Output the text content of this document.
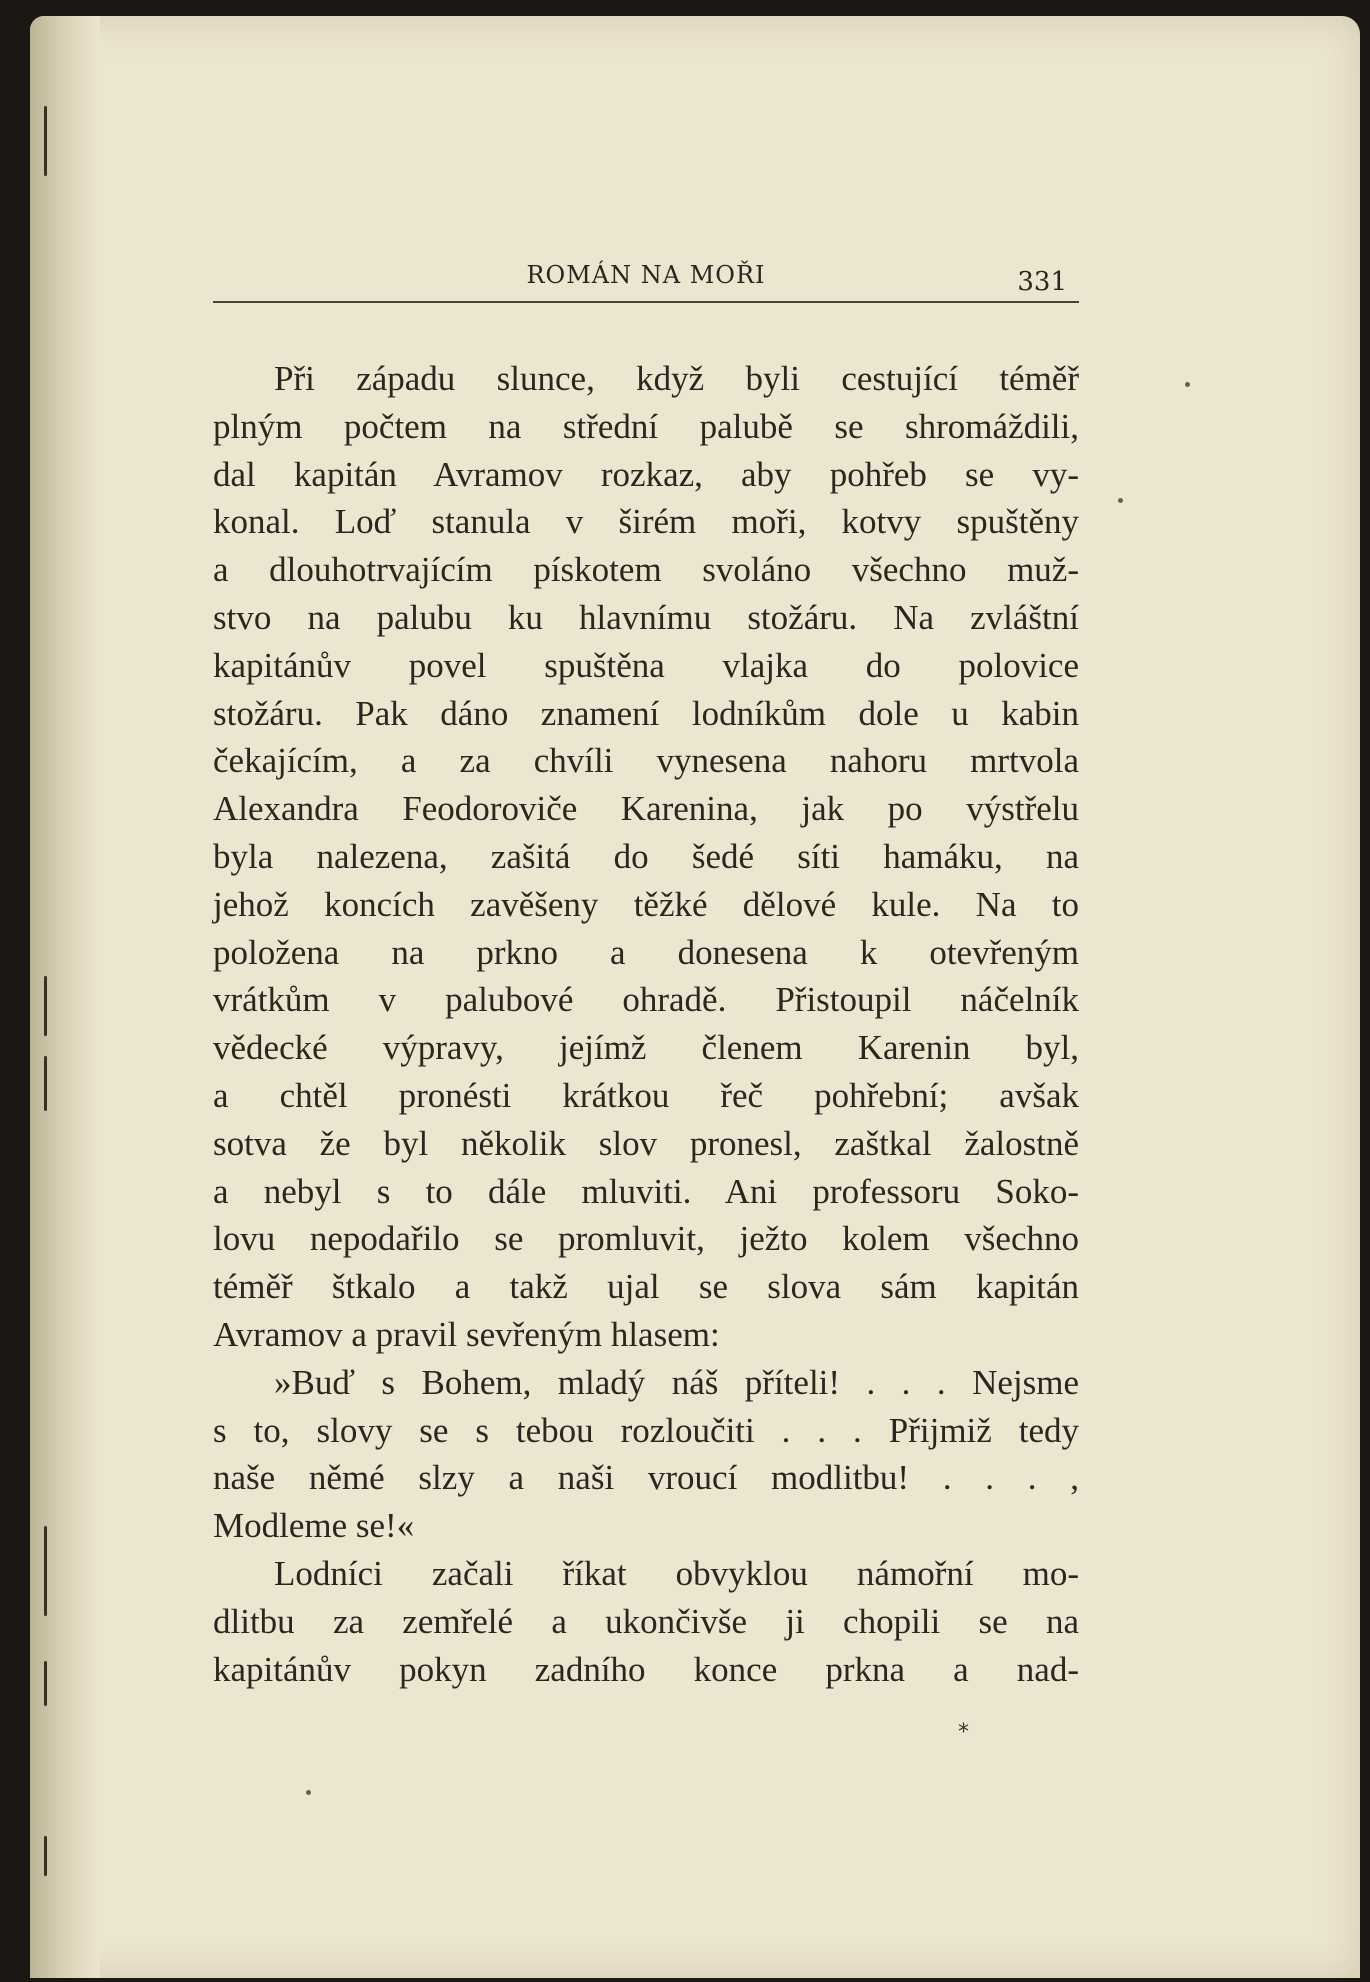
ROMÁN NA MOŘI	331
Při západu slunce, když byli cestující téměř
plným počtem na střední palubě se shromáždili,
dal kapitán Avramov rozkaz, aby pohřeb se vy-
konal. Loď stanula v širém moři, kotvy spuštěny
a dlouhotrvajícím pískotem svoláno všechno muž-
stvo na palubu ku hlavnímu stožáru. Na zvláštní
kapitánův povel spuštěna vlajka do polovice
stožáru. Pak dáno znamení lodníkům dole u kabin
čekajícím, a za chvíli vynesena nahoru mrtvola
Alexandra Feodoroviče Karenina, jak po výstřelu
byla nalezena, zašitá do šedé síti hamáku, na
jehož koncích zavěšeny těžké dělové kule. Na to
položena na prkno a donesena k otevřeným
vrátkům v palubové ohradě. Přistoupil náčelník
vědecké výpravy, jejímž členem Karenin byl,
a chtěl pronésti krátkou řeč pohřební; avšak
sotva že byl několik slov pronesl, zaštkal žalostně
a nebyl s to dále mluviti. Ani professoru Soko-
lovu nepodařilo se promluvit, ježto kolem všechno
téměř štkalo a takž ujal se slova sám kapitán
Avramov a pravil sevřeným hlasem:
»Buď s Bohem, mladý náš příteli! . . . Nejsme
s to, slovy se s tebou rozloučiti . . . Přijmiž tedy
naše němé slzy a naši vroucí modlitbu! . . . ,
Modleme se!«
Lodníci začali říkat obvyklou námořní mo-
dlitbu za zemřelé a ukončivše ji chopili se na
kapitánův pokyn zadního konce prkna a nad-
*
